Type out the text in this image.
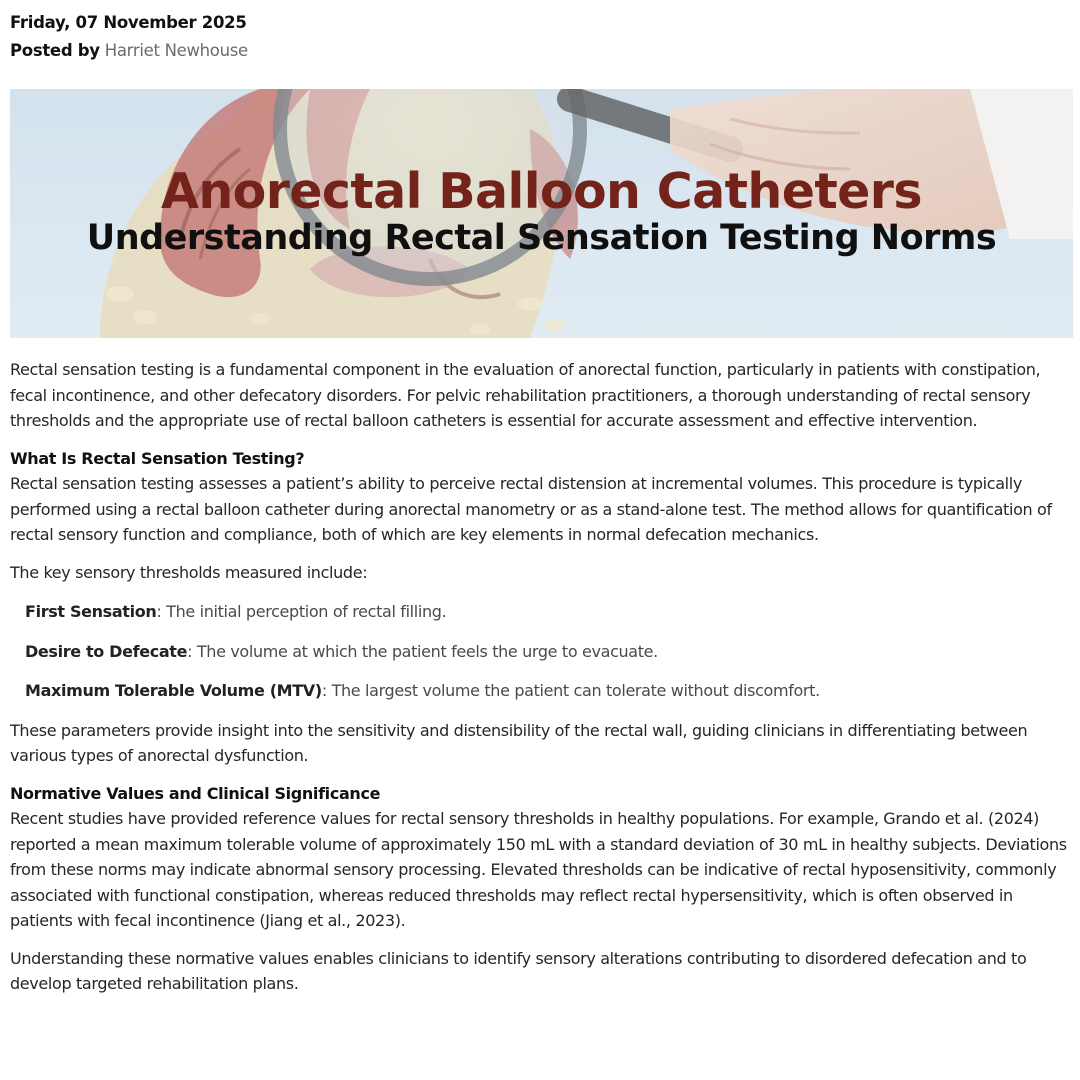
Friday, 07 November 2025
Posted by Harriet Newhouse
Anorectal Balloon Catheters
Understanding Rectal Sensation Testing Norms

Rectal sensation testing is a fundamental component in the evaluation of anorectal function, particularly in patients with constipation, fecal incontinence, and other defecatory disorders. For pelvic rehabilitation practitioners, a thorough understanding of rectal sensory thresholds and the appropriate use of rectal balloon catheters is essential for accurate assessment and effective intervention.

What Is Rectal Sensation Testing?

Rectal sensation testing assesses a patient’s ability to perceive rectal distension at incremental volumes. This procedure is typically performed using a rectal balloon catheter during anorectal manometry or as a stand-alone test. The method allows for quantification of rectal sensory function and compliance, both of which are key elements in normal defecation mechanics.

The key sensory thresholds measured include:

First Sensation: The initial perception of rectal filling.
Desire to Defecate: The volume at which the patient feels the urge to evacuate.
Maximum Tolerable Volume (MTV): The largest volume the patient can tolerate without discomfort.

These parameters provide insight into the sensitivity and distensibility of the rectal wall, guiding clinicians in differentiating between various types of anorectal dysfunction.

Normative Values and Clinical Significance

Recent studies have provided reference values for rectal sensory thresholds in healthy populations. For example, Grando et al. (2024) reported a mean maximum tolerable volume of approximately 150 mL with a standard deviation of 30 mL in healthy subjects. Deviations from these norms may indicate abnormal sensory processing. Elevated thresholds can be indicative of rectal hyposensitivity, commonly associated with functional constipation, whereas reduced thresholds may reflect rectal hypersensitivity, which is often observed in patients with fecal incontinence (Jiang et al., 2023).

Understanding these normative values enables clinicians to identify sensory alterations contributing to disordered defecation and to develop targeted rehabilitation plans.
